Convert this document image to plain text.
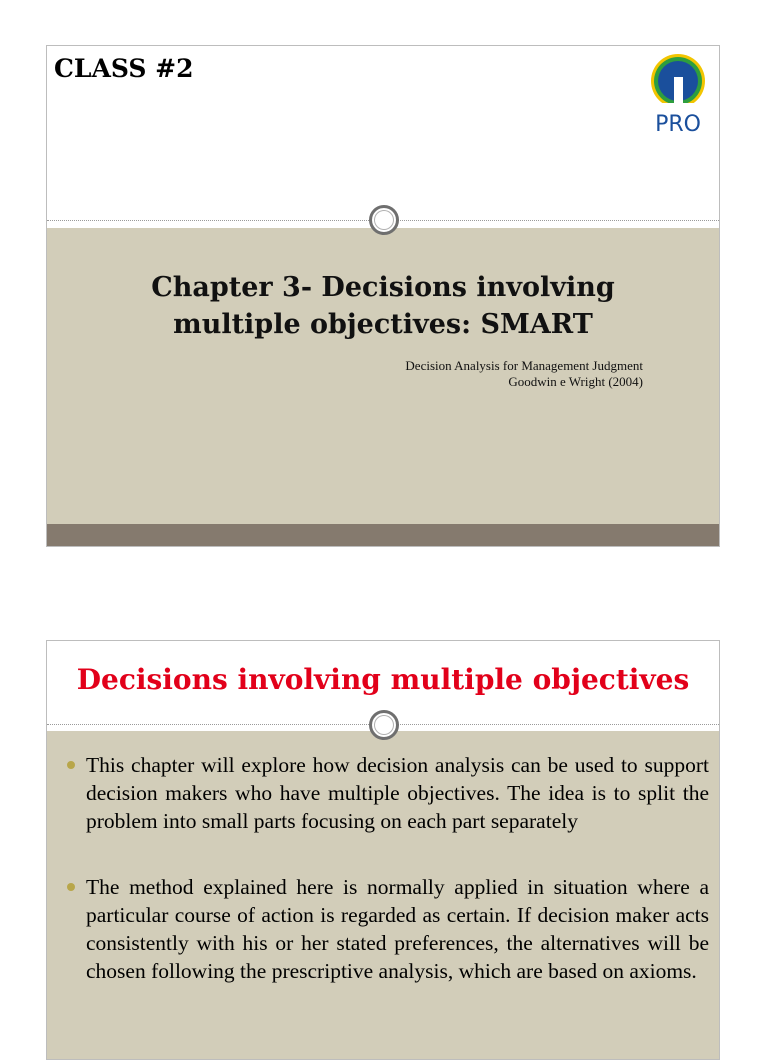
CLASS #2
PRO
Chapter 3- Decisions involving
multiple objectives: SMART
Decision Analysis for Management Judgment
Goodwin e Wright (2004)
Decisions involving multiple objectives
This chapter will explore how decision analysis can be used to support decision makers who have multiple objectives. The idea is to split the problem into small parts focusing on each part separately
The method explained here is normally applied in situation where a particular course of action is regarded as certain. If decision maker acts consistently with his or her stated preferences, the alternatives will be chosen following the prescriptive analysis, which are based on axioms.
